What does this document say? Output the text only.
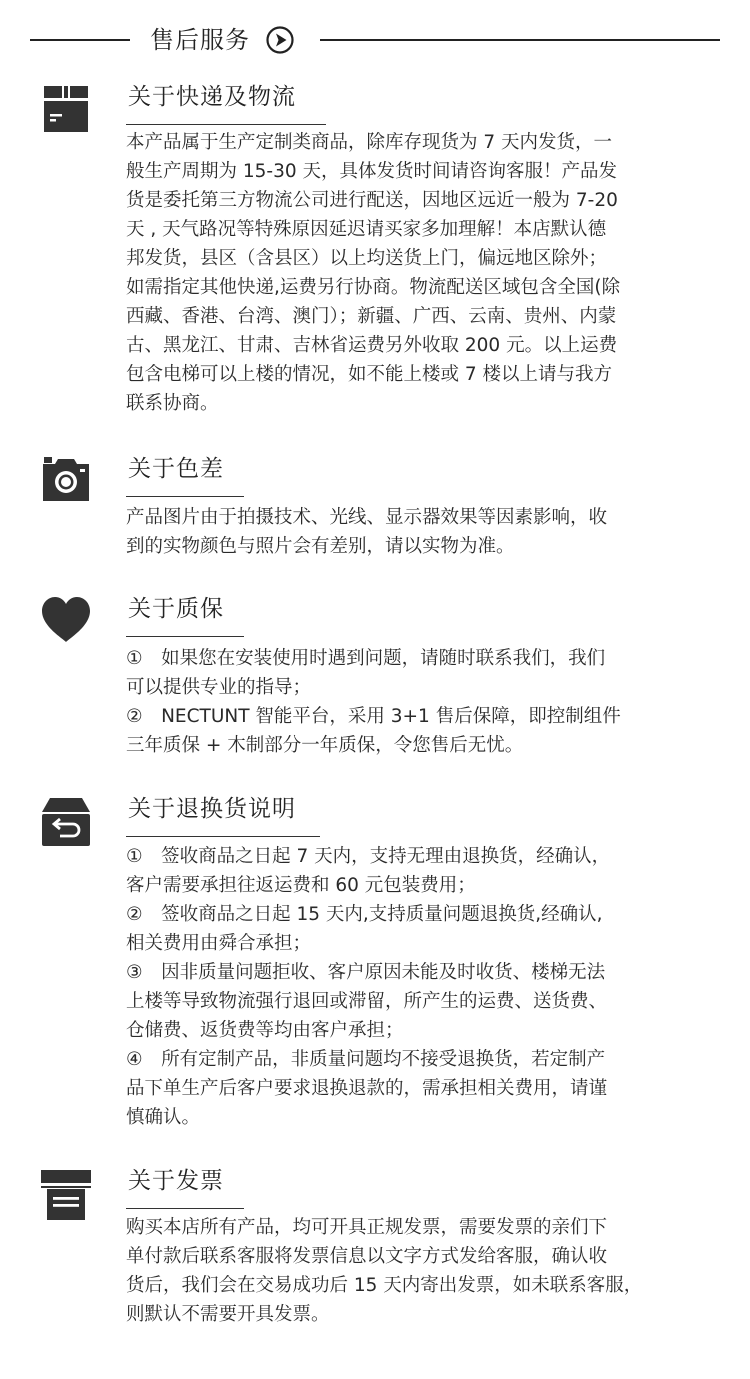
售后服务
关于快递及物流

本产品属于生产定制类商品，除库存现货为 7 天内发货，一

般生产周期为 15-30 天，具体发货时间请咨询客服！产品发

货是委托第三方物流公司进行配送，因地区远近一般为 7-20

天 , 天气路况等特殊原因延迟请买家多加理解！本店默认德

邦发货，县区（含县区）以上均送货上门，偏远地区除外；

如需指定其他快递,运费另行协商。物流配送区域包含全国(除

西藏、香港、台湾、澳门）；新疆、广西、云南、贵州、内蒙

古、黑龙江、甘肃、吉林省运费另外收取 200 元。以上运费

包含电梯可以上楼的情况，如不能上楼或 7 楼以上请与我方

联系协商。

关于色差

产品图片由于拍摄技术、光线、显示器效果等因素影响，收

到的实物颜色与照片会有差别，请以实物为准。

关于质保

①　如果您在安装使用时遇到问题，请随时联系我们，我们

可以提供专业的指导；

②　NECTUNT 智能平台，采用 3+1 售后保障，即控制组件

三年质保 + 木制部分一年质保，令您售后无忧。

关于退换货说明

①　签收商品之日起 7 天内，支持无理由退换货，经确认，

客户需要承担往返运费和 60 元包装费用；

②　签收商品之日起 15 天内,支持质量问题退换货,经确认,

相关费用由舜合承担；

③　因非质量问题拒收、客户原因未能及时收货、楼梯无法

上楼等导致物流强行退回或滞留，所产生的运费、送货费、

仓储费、返货费等均由客户承担；

④　所有定制产品，非质量问题均不接受退换货，若定制产

品下单生产后客户要求退换退款的，需承担相关费用，请谨

慎确认。

关于发票

购买本店所有产品，均可开具正规发票，需要发票的亲们下

单付款后联系客服将发票信息以文字方式发给客服，确认收

货后，我们会在交易成功后 15 天内寄出发票，如未联系客服，

则默认不需要开具发票。
